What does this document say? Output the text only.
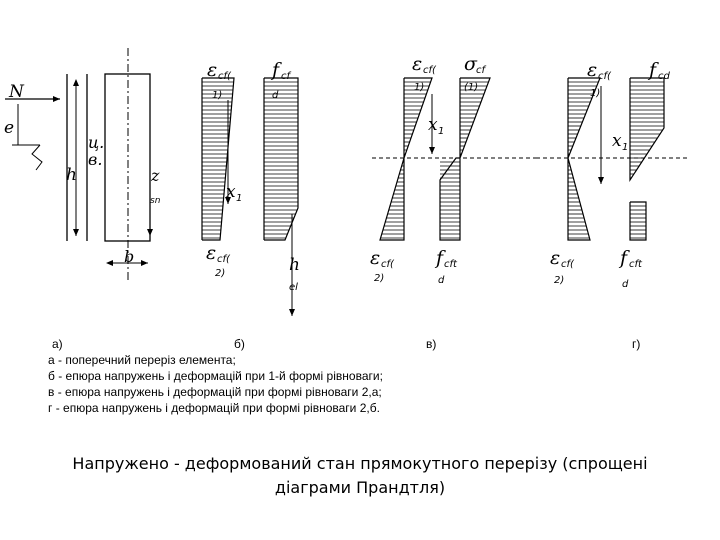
N
e
h
ц.
в.
z
sn
b
ε cf(
1)
f cf
d
x 1
ε cf(
2)	h
el
ε cf(
1)
σ cf
(1)
x 1
ε cf(
2)
f cft
d
ε cf(
1)
f cd
x 1
ε cf(
2)
f cft
d
а)	б)	в)	г)
а - поперечний переріз елемента;
б - епюра напружень і деформацій при 1-й формі рівноваги;
в - епюра напружень і деформацій при формі рівноваги 2,а;
г - епюра напружень і деформацій при формі рівноваги 2,б.
Напружено - деформований стан прямокутного перерізу (спрощені
діаграми Прандтля)
